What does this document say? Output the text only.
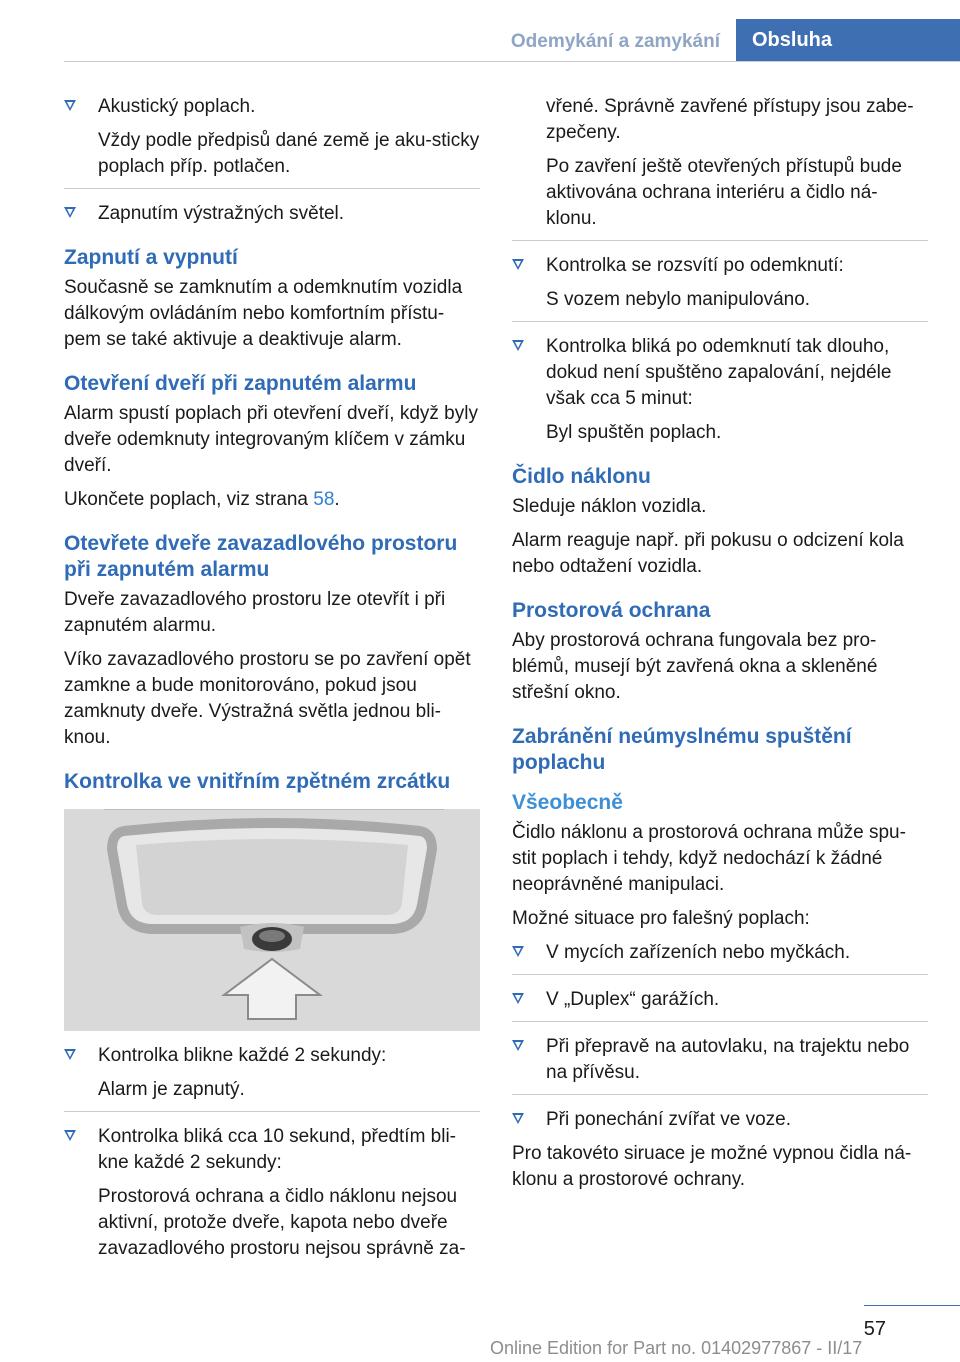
Odemykání a zamykání	Obsluha

Akustický poplach.

Vždy podle předpisů dané země je aku-sticky poplach příp. potlačen.

Zapnutím výstražných světel.

Zapnutí a vypnutí

Současně se zamknutím a odemknutím vozidla dálkovým ovládáním nebo komfortním přístu-pem se také aktivuje a deaktivuje alarm.

Otevření dveří při zapnutém alarmu

Alarm spustí poplach při otevření dveří, když byly dveře odemknuty integrovaným klíčem v zámku dveří.

Ukončete poplach, viz strana 58.

Otevřete dveře zavazadlového prostoru při zapnutém alarmu

Dveře zavazadlového prostoru lze otevřít i při zapnutém alarmu.

Víko zavazadlového prostoru se po zavření opět zamkne a bude monitorováno, pokud jsou zamknuty dveře. Výstražná světla jednou bli-knou.

Kontrolka ve vnitřním zpětném zrcátku

Kontrolka blikne každé 2 sekundy:

Alarm je zapnutý.

Kontrolka bliká cca 10 sekund, předtím bli-kne každé 2 sekundy:

Prostorová ochrana a čidlo náklonu nejsou aktivní, protože dveře, kapota nebo dveře zavazadlového prostoru nejsou správně za-

vřené. Správně zavřené přístupy jsou zabe-zpečeny.

Po zavření ještě otevřených přístupů bude aktivována ochrana interiéru a čidlo ná-klonu.

Kontrolka se rozsvítí po odemknutí:

S vozem nebylo manipulováno.

Kontrolka bliká po odemknutí tak dlouho, dokud není spuštěno zapalování, nejdéle však cca 5 minut:

Byl spuštěn poplach.

Čidlo náklonu

Sleduje náklon vozidla.

Alarm reaguje např. při pokusu o odcizení kola nebo odtažení vozidla.

Prostorová ochrana

Aby prostorová ochrana fungovala bez pro-blémů, musejí být zavřená okna a skleněné střešní okno.

Zabránění neúmyslnému spuštění poplachu
Všeobecně

Čidlo náklonu a prostorová ochrana může spu-stit poplach i tehdy, když nedochází k žádné neoprávněné manipulaci.

Možné situace pro falešný poplach:

V mycích zařízeních nebo myčkách.

V „Duplex“ garážích.

Při přepravě na autovlaku, na trajektu nebo na přívěsu.

Při ponechání zvířat ve voze.

Pro takovéto siruace je možné vypnou čidla ná-klonu a prostorové ochrany.

57
Online Edition for Part no. 01402977867 - II/17
